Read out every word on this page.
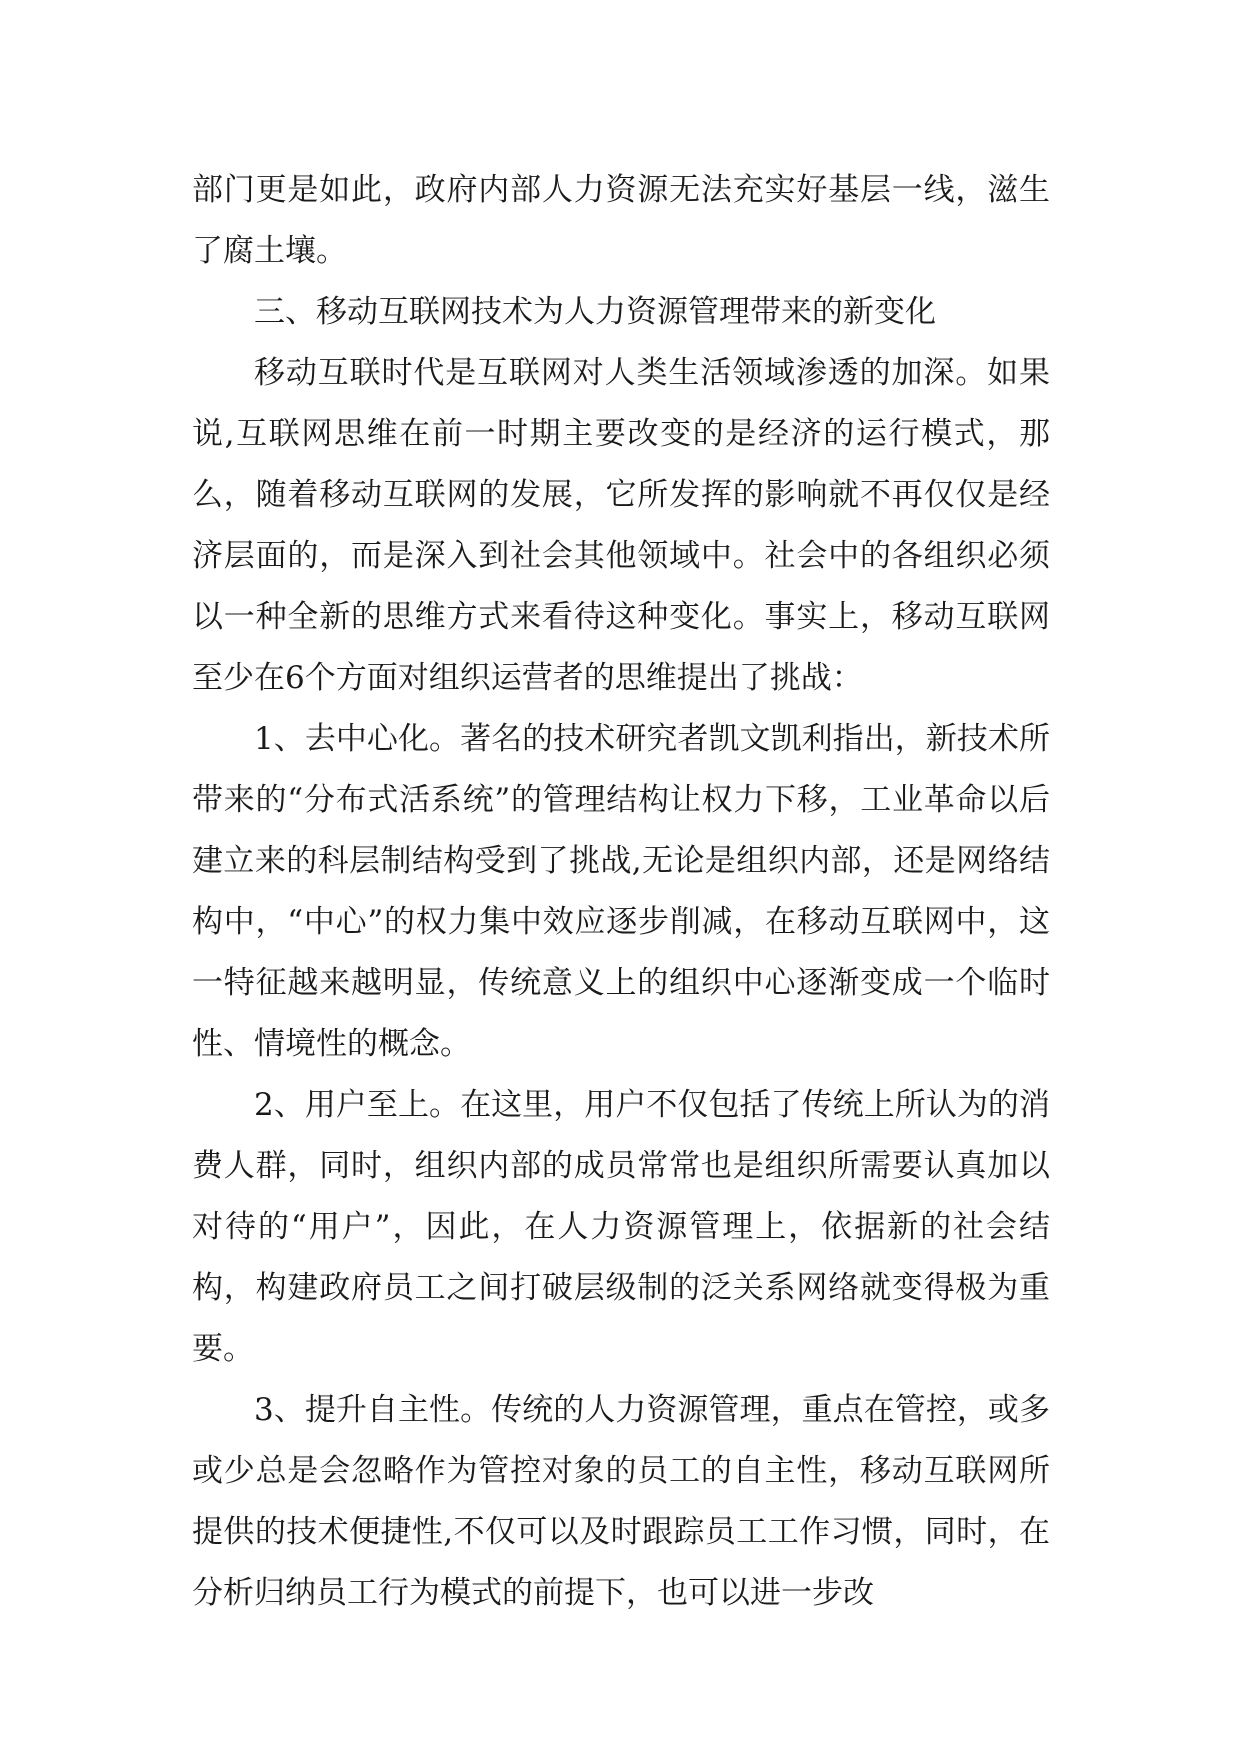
部门更是如此，政府内部人力资源无法充实好基层一线，滋生了腐土壤。

三、移动互联网技术为人力资源管理带来的新变化

移动互联时代是互联网对人类生活领域渗透的加深。如果说,互联网思维在前一时期主要改变的是经济的运行模式，那么，随着移动互联网的发展，它所发挥的影响就不再仅仅是经济层面的，而是深入到社会其他领域中。社会中的各组织必须以一种全新的思维方式来看待这种变化。事实上，移动互联网至少在6个方面对组织运营者的思维提出了挑战：

1、去中心化。著名的技术研究者凯文凯利指出，新技术所带来的“分布式活系统”的管理结构让权力下移，工业革命以后建立来的科层制结构受到了挑战,无论是组织内部，还是网络结构中，“中心”的权力集中效应逐步削减，在移动互联网中，这一特征越来越明显，传统意义上的组织中心逐渐变成一个临时性、情境性的概念。

2、用户至上。在这里，用户不仅包括了传统上所认为的消费人群，同时，组织内部的成员常常也是组织所需要认真加以对待的“用户”，因此，在人力资源管理上，依据新的社会结构，构建政府员工之间打破层级制的泛关系网络就变得极为重要。

3、提升自主性。传统的人力资源管理，重点在管控，或多或少总是会忽略作为管控对象的员工的自主性，移动互联网所提供的技术便捷性,不仅可以及时跟踪员工工作习惯，同时，在分析归纳员工行为模式的前提下，也可以进一步改
